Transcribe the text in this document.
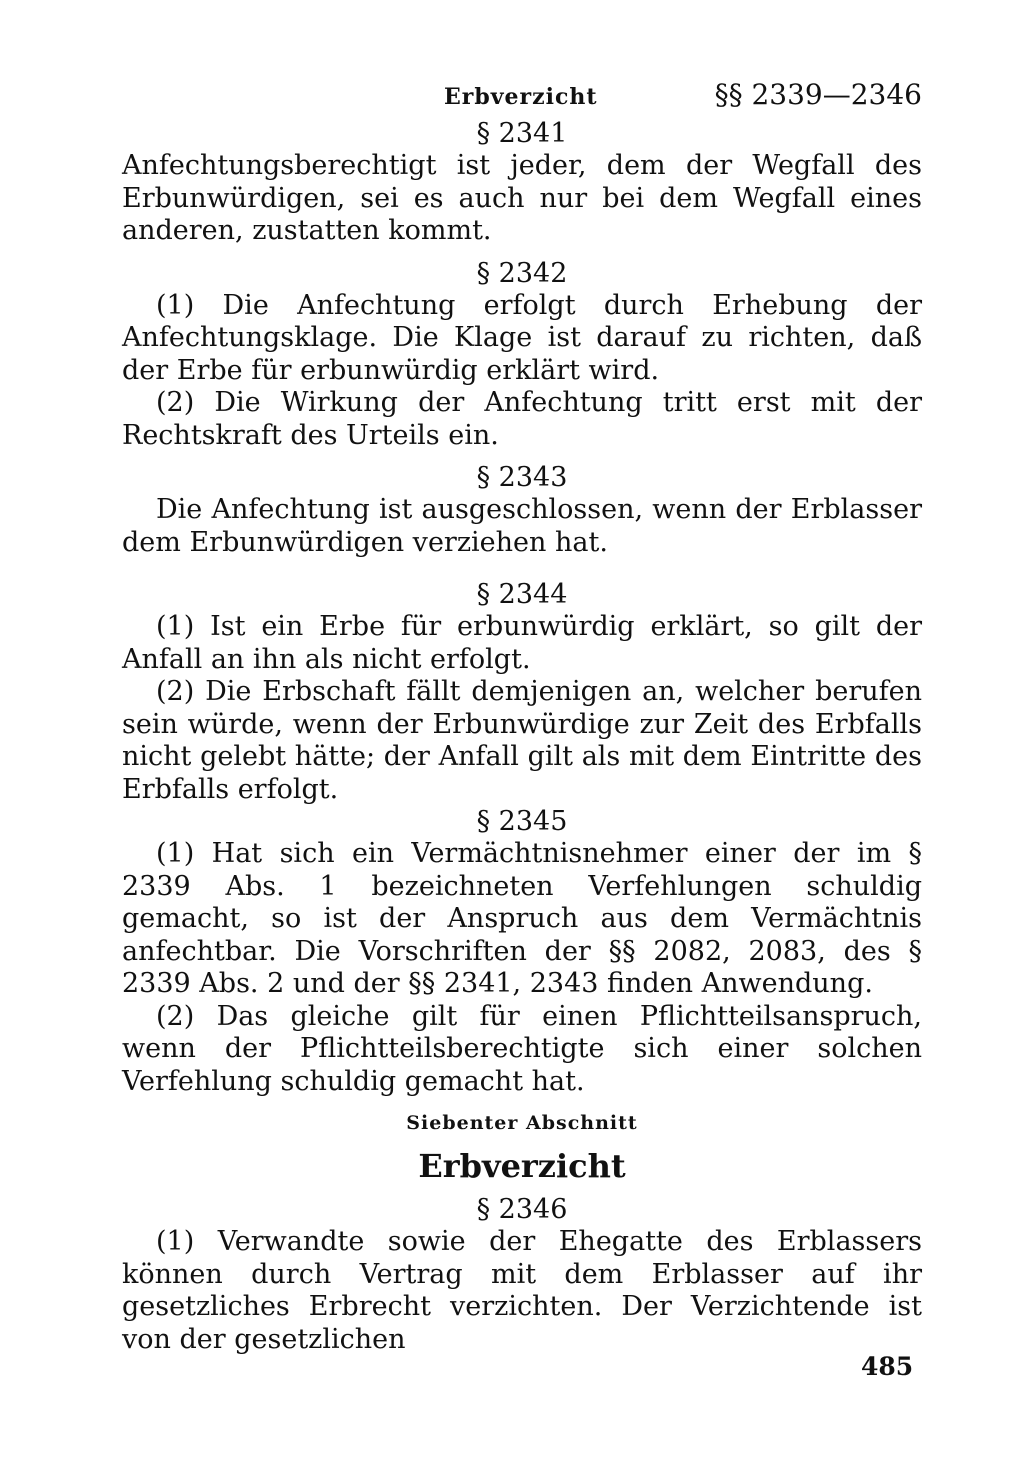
Erbverzicht	§§ 2339—2346
§ 2341

Anfechtungsberechtigt ist jeder, dem der Wegfall des Erbunwürdigen, sei es auch nur bei dem Wegfall eines anderen, zustatten kommt.

§ 2342

(1) Die Anfechtung erfolgt durch Erhebung der Anfechtungsklage. Die Klage ist darauf zu richten, daß der Erbe für erbunwürdig erklärt wird.

(2) Die Wirkung der Anfechtung tritt erst mit der Rechtskraft des Urteils ein.

§ 2343

Die Anfechtung ist ausgeschlossen, wenn der Erblasser dem Erbunwürdigen verziehen hat.

§ 2344

(1) Ist ein Erbe für erbunwürdig erklärt, so gilt der Anfall an ihn als nicht erfolgt.

(2) Die Erbschaft fällt demjenigen an, welcher berufen sein würde, wenn der Erbunwürdige zur Zeit des Erbfalls nicht gelebt hätte; der Anfall gilt als mit dem Eintritte des Erbfalls erfolgt.

§ 2345

(1) Hat sich ein Vermächtnisnehmer einer der im § 2339 Abs. 1 bezeichneten Verfehlungen schuldig gemacht, so ist der Anspruch aus dem Vermächtnis anfechtbar. Die Vorschriften der §§ 2082, 2083, des § 2339 Abs. 2 und der §§ 2341, 2343 finden Anwendung.

(2) Das gleiche gilt für einen Pflichtteilsanspruch, wenn der Pflichtteilsberechtigte sich einer solchen Verfehlung schuldig gemacht hat.

Siebenter Abschnitt
Erbverzicht
§ 2346

(1) Verwandte sowie der Ehegatte des Erblassers können durch Vertrag mit dem Erblasser auf ihr gesetzliches Erbrecht verzichten. Der Verzichtende ist von der gesetzlichen

485
